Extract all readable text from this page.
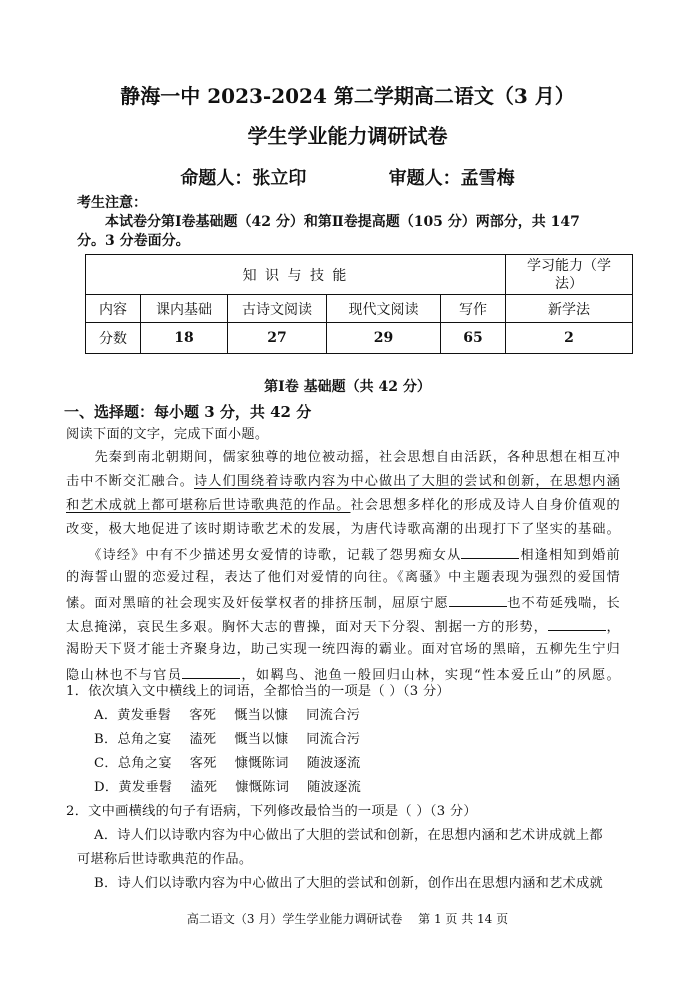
静海一中 2023-2024 第二学期高二语文（3 月）
学生学业能力调研试卷
命题人：张立印	审题人：孟雪梅
考生注意：
本试卷分第Ⅰ卷基础题（42 分）和第Ⅱ卷提高题（105 分）两部分，共 147
分。3 分卷面分。
知 识 与 技 能					学习能力（学法）
内容	课内基础	古诗文阅读	现代文阅读	写作	新学法
分数	18	27	29	65	2
第Ⅰ卷 基础题（共 42 分）
一、选择题：每小题 3 分，共 42 分
阅读下面的文字，完成下面小题。
　　先秦到南北朝期间，儒家独尊的地位被动摇，社会思想自由活跃，各种思想在相互冲
击中不断交汇融合。诗人们围绕着诗歌内容为中心做出了大胆的尝试和创新，在思想内涵
和艺术成就上都可堪称后世诗歌典范的作品。社会思想多样化的形成及诗人自身价值观的
改变，极大地促进了该时期诗歌艺术的发展，为唐代诗歌高潮的出现打下了坚实的基础。
　　《诗经》中有不少描述男女爱情的诗歌，记载了怨男痴女从	相逢相知到婚前
的海誓山盟的恋爱过程，表达了他们对爱情的向往。《离骚》中主题表现为强烈的爱国情
愫。面对黑暗的社会现实及奸佞掌权者的排挤压制，屈原宁愿	也不苟延残喘，长
太息掩涕，哀民生多艰。胸怀大志的曹操，面对天下分裂、割据一方的形势，	，
渴盼天下贤才能士齐聚身边，助己实现一统四海的霸业。面对官场的黑暗，五柳先生宁归
隐山林也不与官员	，如羁鸟、池鱼一般回归山林，实现“性本爱丘山”的夙愿。
1．依次填入文中横线上的词语，全都恰当的一项是（ ）（3 分）
A．黄发垂髫　 客死　 慨当以慷　 同流合污
B．总角之宴　 溘死　 慨当以慷　 同流合污
C．总角之宴　 客死　 慷慨陈词　 随波逐流
D．黄发垂髫　 溘死　 慷慨陈词　 随波逐流
2．文中画横线的句子有语病，下列修改最恰当的一项是（ ）（3 分）
A．诗人们以诗歌内容为中心做出了大胆的尝试和创新，在思想内涵和艺术讲成就上都
可堪称后世诗歌典范的作品。
B．诗人们以诗歌内容为中心做出了大胆的尝试和创新，创作出在思想内涵和艺术成就
高二语文（3 月）学生学业能力调研试卷　 第 1 页 共 14 页
